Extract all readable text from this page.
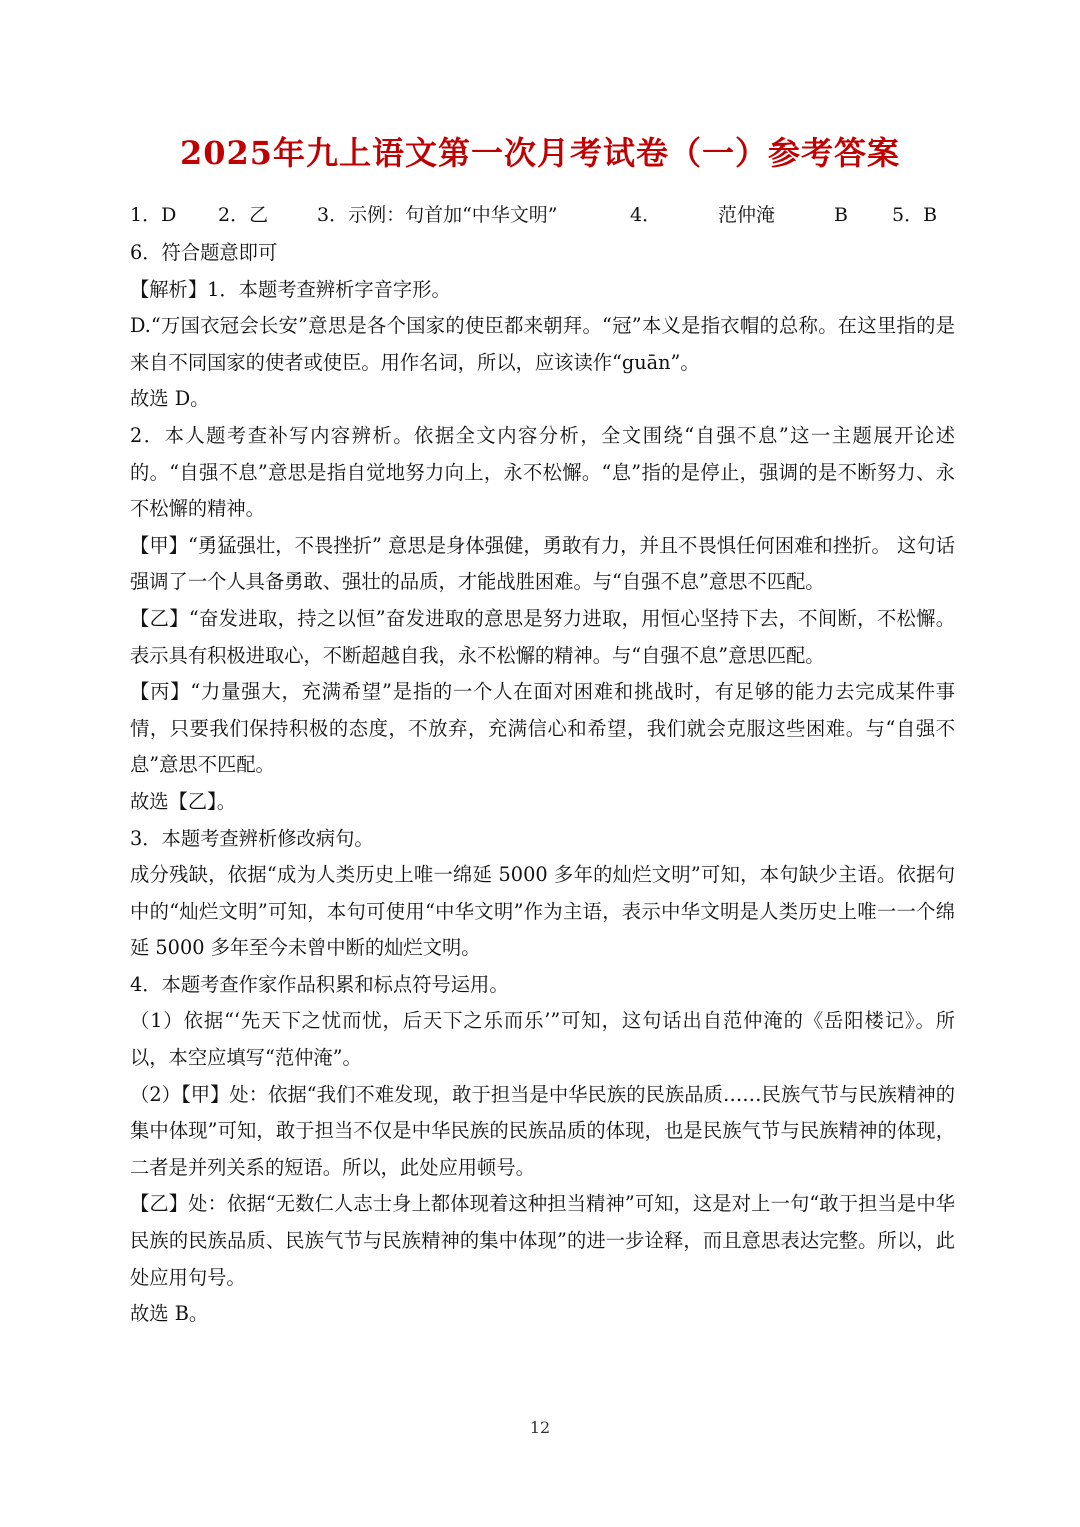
2025年九上语文第一次月考试卷（一）参考答案
1．D 2．乙	3．示例：句首加“中华文明”	4．	范仲淹	B 5．B

6．符合题意即可

【解析】1．本题考查辨析字音字形。

D.“万国衣冠会长安”意思是各个国家的使臣都来朝拜。“冠”本义是指衣帽的总称。在这里指的是来自不同国家的使者或使臣。用作名词，所以，应该读作“guān”。

故选 D。

2．本人题考查补写内容辨析。依据全文内容分析，全文围绕“自强不息”这一主题展开论述的。“自强不息”意思是指自觉地努力向上，永不松懈。“息”指的是停止，强调的是不断努力、永不松懈的精神。

【甲】“勇猛强壮，不畏挫折” 意思是身体强健，勇敢有力，并且不畏惧任何困难和挫折。 这句话强调了一个人具备勇敢、强壮的品质，才能战胜困难。与“自强不息”意思不匹配。

【乙】“奋发进取，持之以恒”奋发进取的意思是努力进取，用恒心坚持下去，不间断，不松懈。表示具有积极进取心，不断超越自我，永不松懈的精神。与“自强不息”意思匹配。

【丙】“力量强大，充满希望”是指的一个人在面对困难和挑战时，有足够的能力去完成某件事情，只要我们保持积极的态度，不放弃，充满信心和希望，我们就会克服这些困难。与“自强不息”意思不匹配。

故选【乙】。

3．本题考查辨析修改病句。

成分残缺，依据“成为人类历史上唯一绵延 5000 多年的灿烂文明”可知，本句缺少主语。依据句中的“灿烂文明”可知，本句可使用“中华文明”作为主语，表示中华文明是人类历史上唯一一个绵延 5000 多年至今未曾中断的灿烂文明。

4．本题考查作家作品积累和标点符号运用。

（1）依据“‘先天下之忧而忧，后天下之乐而乐’”可知，这句话出自范仲淹的《岳阳楼记》。所以，本空应填写“范仲淹”。

（2）【甲】处：依据“我们不难发现，敢于担当是中华民族的民族品质……民族气节与民族精神的集中体现”可知，敢于担当不仅是中华民族的民族品质的体现，也是民族气节与民族精神的体现，二者是并列关系的短语。所以，此处应用顿号。

【乙】处：依据“无数仁人志士身上都体现着这种担当精神”可知，这是对上一句“敢于担当是中华民族的民族品质、民族气节与民族精神的集中体现”的进一步诠释，而且意思表达完整。所以，此处应用句号。

故选 B。

12
